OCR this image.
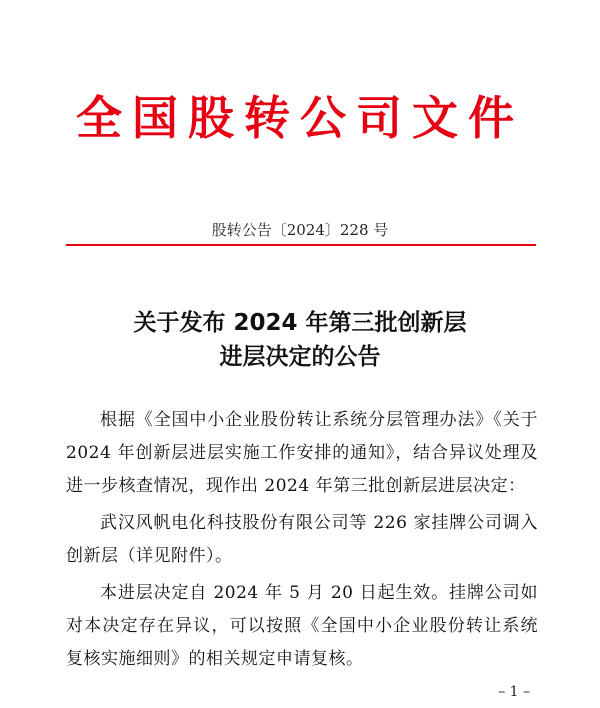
全国股转公司文件
股转公告〔2024〕228 号
关于发布 2024 年第三批创新层
进层决定的公告

根据《全国中小企业股份转让系统分层管理办法》《关于2024 年创新层进层实施工作安排的通知》，结合异议处理及进一步核查情况，现作出 2024 年第三批创新层进层决定：

武汉风帆电化科技股份有限公司等 226 家挂牌公司调入创新层（详见附件）。

本进层决定自 2024 年 5 月 20 日起生效。挂牌公司如对本决定存在异议，可以按照《全国中小企业股份转让系统复核实施细则》的相关规定申请复核。

– 1 –
